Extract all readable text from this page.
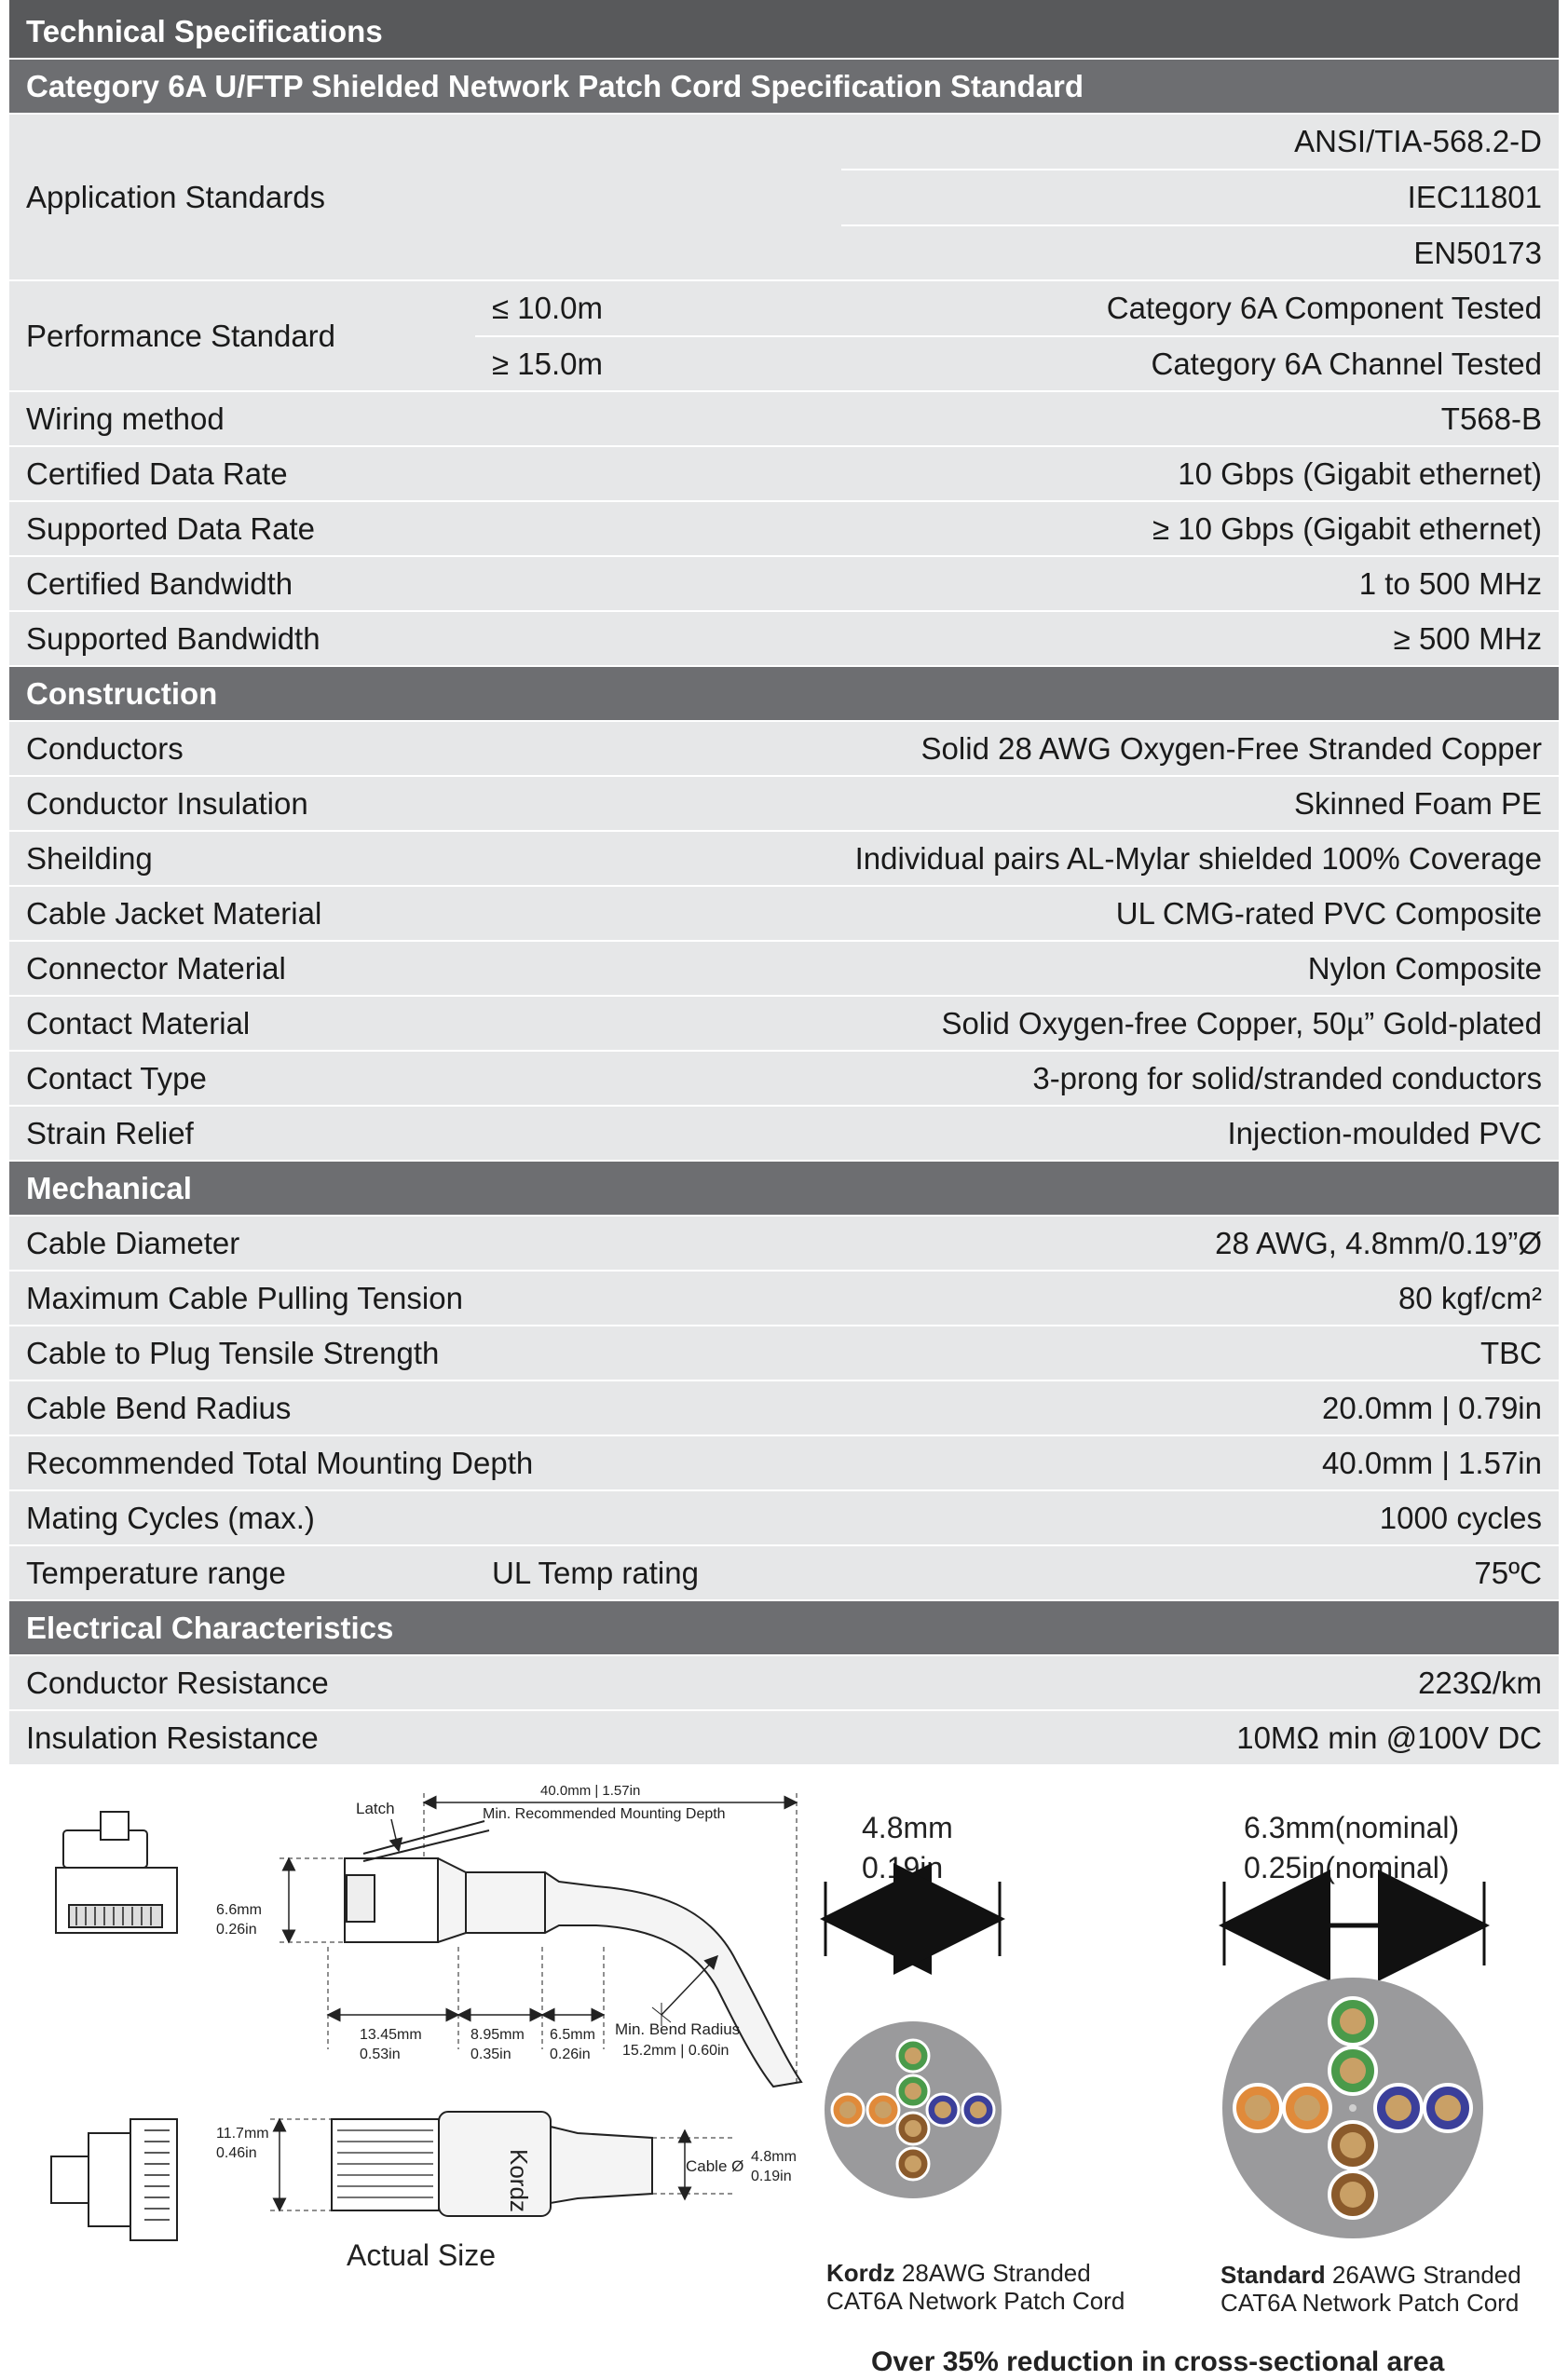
Technical Specifications
Category 6A U/FTP Shielded Network Patch Cord Specification Standard
Application Standards
ANSI/TIA-568.2-D
IEC11801
EN50173
Performance Standard
≤ 10.0m	Category 6A Component Tested
≥ 15.0m	Category 6A Channel Tested
Wiring method	T568-B
Certified Data Rate	10 Gbps (Gigabit ethernet)
Supported Data Rate	≥ 10 Gbps (Gigabit ethernet)
Certified Bandwidth	1 to 500 MHz
Supported Bandwidth	≥ 500 MHz
Construction
Conductors	Solid 28 AWG Oxygen-Free Stranded Copper
Conductor Insulation	Skinned Foam PE
Sheilding	Individual pairs AL-Mylar shielded 100% Coverage
Cable Jacket Material	UL CMG-rated PVC Composite
Connector Material	Nylon Composite
Contact Material	Solid Oxygen-free Copper, 50µ” Gold-plated
Contact Type	3-prong for solid/stranded conductors
Strain Relief	Injection-moulded PVC
Mechanical
Cable Diameter	28 AWG, 4.8mm/0.19”Ø
Maximum Cable Pulling Tension	80 kgf/cm²
Cable to Plug Tensile Strength	TBC
Cable Bend Radius	20.0mm | 0.79in
Recommended Total Mounting Depth	40.0mm | 1.57in
Mating Cycles (max.)	1000 cycles
Temperature range	UL Temp rating	75ºC
Electrical Characteristics
Conductor Resistance	223Ω/km
Insulation Resistance	10MΩ min @100V DC
Latch
40.0mm | 1.57in
Min. Recommended Mounting Depth
6.6mm
0.26in
13.45mm
0.53in
8.95mm
0.35in
6.5mm
0.26in
Min. Bend Radius
15.2mm | 0.60in
11.7mm
0.46in	Kordz	Cable Ø
4.8mm
0.19in
Actual Size
4.8mm
0.19in
6.3mm(nominal)
0.25in(nominal)
Over 35% reduction in cross-sectional area
Kordz 28AWG Stranded
CAT6A Network Patch Cord
Standard 26AWG Stranded
CAT6A Network Patch Cord
